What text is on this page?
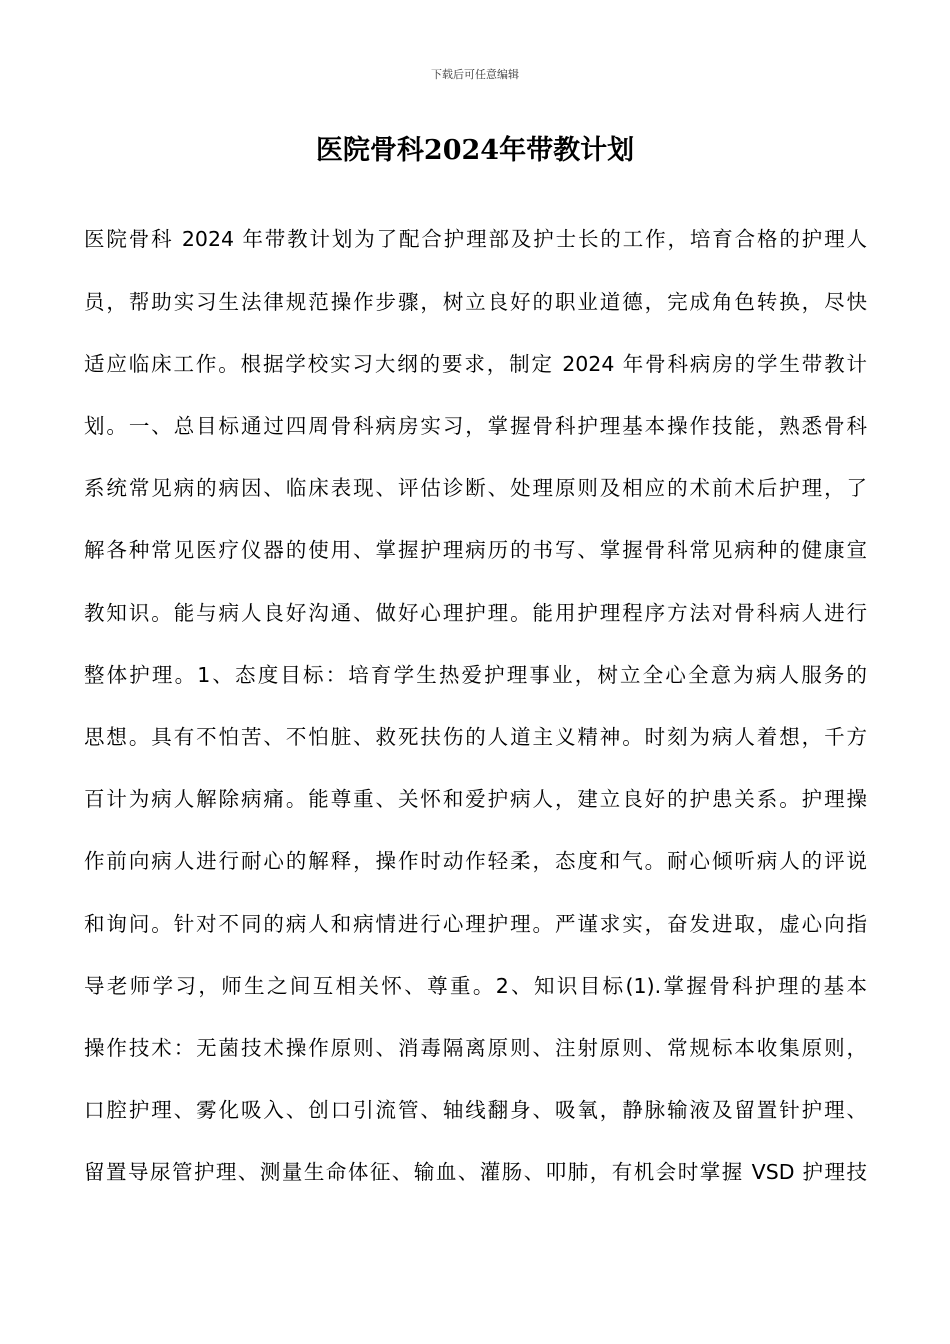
下载后可任意编辑
医院骨科2024年带教计划
医院骨科 2024 年带教计划为了配合护理部及护士长的工作，培育合格的护理人
员，帮助实习生法律规范操作步骤，树立良好的职业道德，完成角色转换，尽快
适应临床工作。根据学校实习大纲的要求，制定 2024 年骨科病房的学生带教计
划。一、总目标通过四周骨科病房实习，掌握骨科护理基本操作技能，熟悉骨科
系统常见病的病因、临床表现、评估诊断、处理原则及相应的术前术后护理，了
解各种常见医疗仪器的使用、掌握护理病历的书写、掌握骨科常见病种的健康宣
教知识。能与病人良好沟通、做好心理护理。能用护理程序方法对骨科病人进行
整体护理。1、态度目标：培育学生热爱护理事业，树立全心全意为病人服务的
思想。具有不怕苦、不怕脏、救死扶伤的人道主义精神。时刻为病人着想，千方
百计为病人解除病痛。能尊重、关怀和爱护病人，建立良好的护患关系。护理操
作前向病人进行耐心的解释，操作时动作轻柔，态度和气。耐心倾听病人的评说
和询问。针对不同的病人和病情进行心理护理。严谨求实，奋发进取，虚心向指
导老师学习，师生之间互相关怀、尊重。2、知识目标(1).掌握骨科护理的基本
操作技术：无菌技术操作原则、消毒隔离原则、注射原则、常规标本收集原则，
口腔护理、雾化吸入、创口引流管、轴线翻身、吸氧，静脉输液及留置针护理、
留置导尿管护理、测量生命体征、输血、灌肠、叩肺，有机会时掌握 VSD 护理技
